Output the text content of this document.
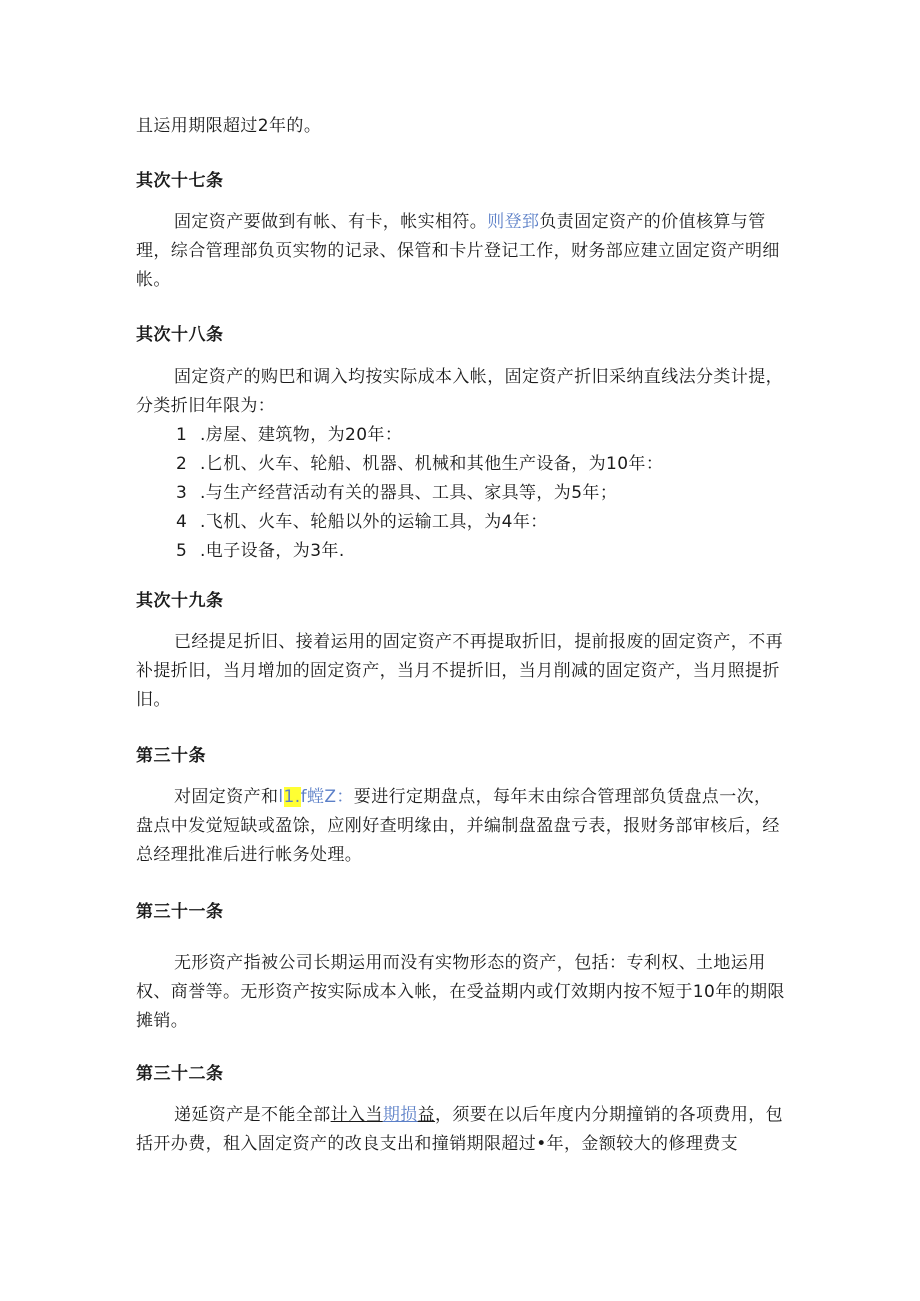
且运用期限超过2年的。

其次十七条

固定资产要做到有帐、有卡，帐实相符。则登郅负责固定资产的价值核算与管理，综合管理部负页实物的记录、保管和卡片登记工作，财务部应建立固定资产明细帐。

其次十八条

固定资产的购巴和调入均按实际成本入帐，固定资产折旧采纳直线法分类计提，分类折旧年限为：

1 .房屋、建筑物，为20年：
2 .匕机、火车、轮船、机器、机械和其他生产设备，为10年：
3 .与生产经营活动有关的器具、工具、家具等，为5年；
4 .飞机、火车、轮船以外的运输工具，为4年：
5 .电子设备，为3年.
其次十九条

已经提足折旧、接着运用的固定资产不再提取折旧，提前报废的固定资产，不再补提折旧，当月增加的固定资产，当月不提折旧，当月削减的固定资产，当月照提折旧。

第三十条

对固定资产和l1.f螳Z：要进行定期盘点，每年末由综合管理部负赁盘点一次，盘点中发觉短缺或盈馀，应刚好查明缘由，并编制盘盈盘亏表，报财务部审核后，经总经理批准后进行帐务处理。

第三十一条

无形资产指被公司长期运用而没有实物形态的资产，包括：专利权、土地运用权、商誉等。无形资产按实际成本入帐，在受益期内或仃效期内按不短于10年的期限摊销。

第三十二条

递延资产是不能全部计入当期损益，须要在以后年度内分期撞销的各项费用，包括开办费，租入固定资产的改良支出和撞销期限超过•年，金额较大的修理费支
